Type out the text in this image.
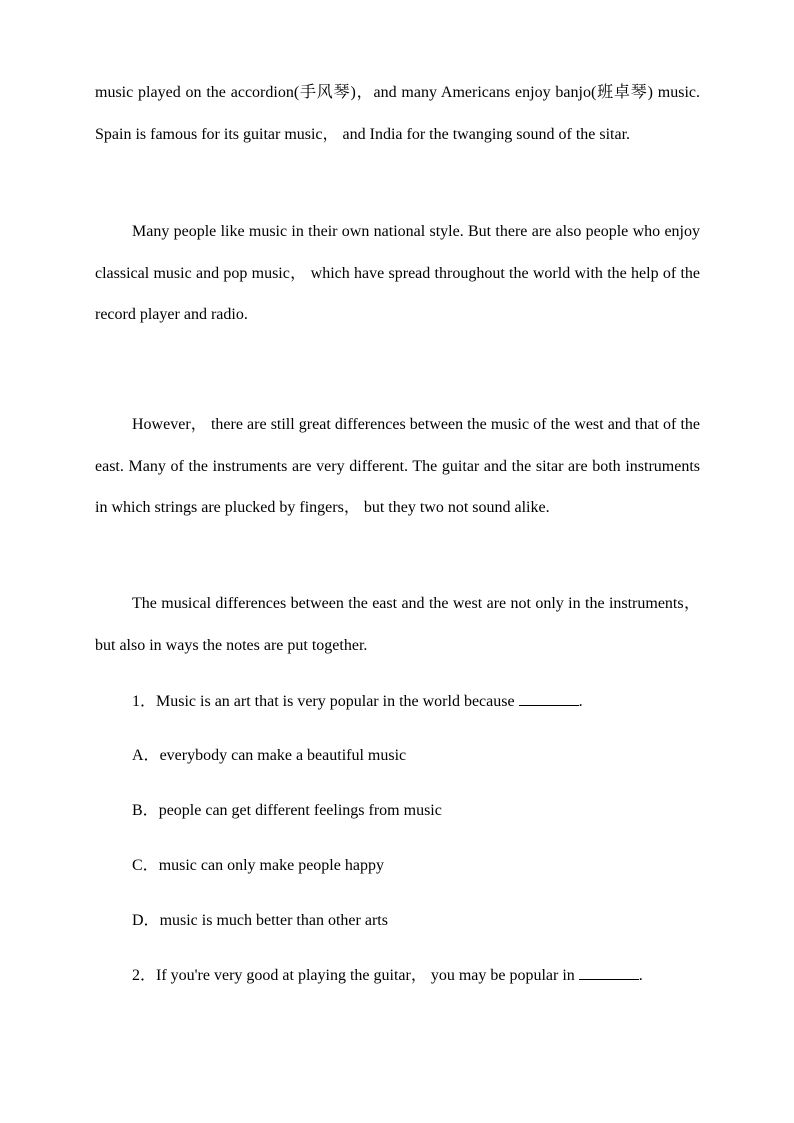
music played on the accordion(手风琴)，and many Americans enjoy banjo(班卓琴) music. Spain is famous for its guitar music， and India for the twanging sound of the sitar.

Many people like music in their own national style. But there are also people who enjoy classical music and pop music， which have spread throughout the world with the help of the record player and radio.

However， there are still great differences between the music of the west and that of the east. Many of the instruments are very different. The guitar and the sitar are both instruments in which strings are plucked by fingers， but they two not sound alike.

The musical differences between the east and the west are not only in the instruments，but also in ways the notes are put together.

1．Music is an art that is very popular in the world because	.
A．everybody can make a beautiful music
B．people can get different feelings from music
C．music can only make people happy
D．music is much better than other arts

2．If you're very good at playing the guitar， you may be popular in	.
